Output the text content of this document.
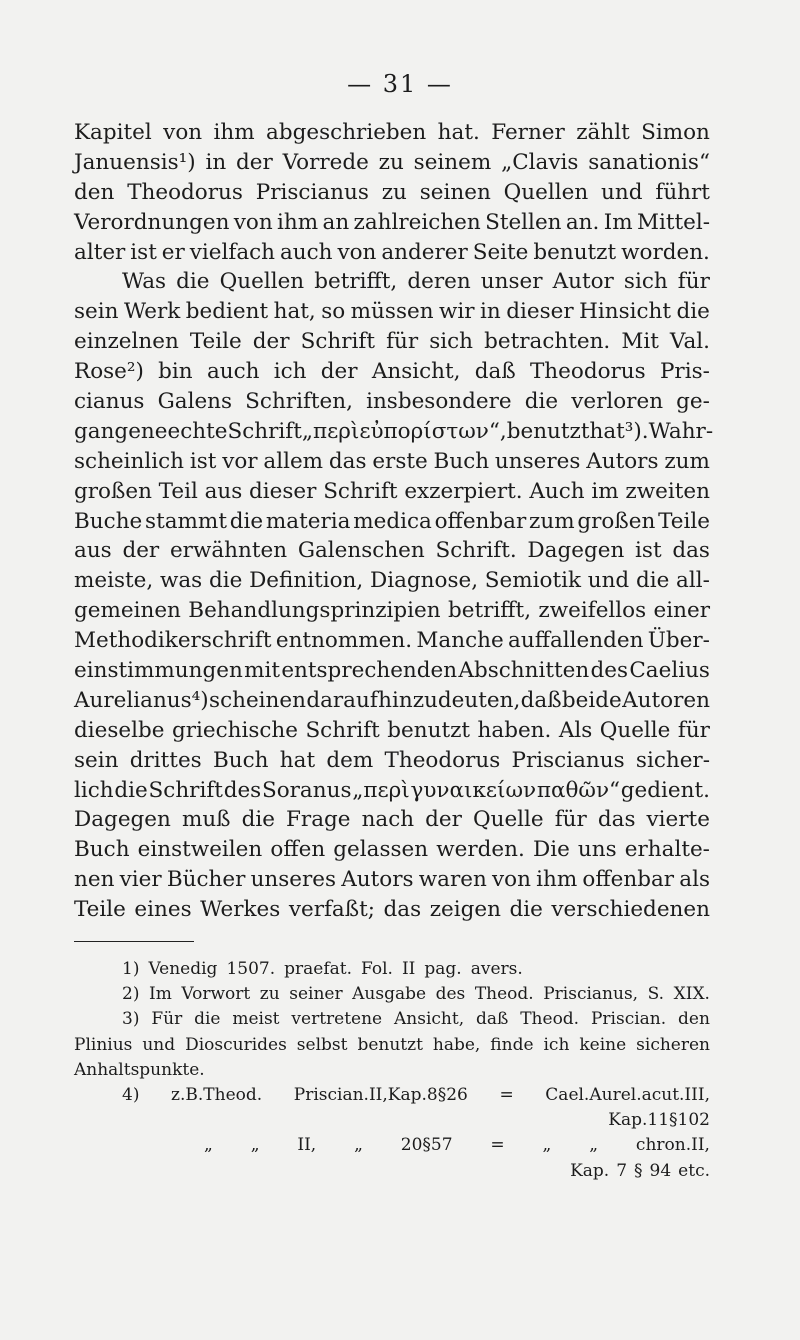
— 31 —
Kapitel von ihm abgeschrieben hat. Ferner zählt Simon
Januensis¹) in der Vorrede zu seinem „Clavis sanationis“
den Theodorus Priscianus zu seinen Quellen und führt
Verordnungen von ihm an zahlreichen Stellen an. Im Mittel-
alter ist er vielfach auch von anderer Seite benutzt worden.
Was die Quellen betrifft, deren unser Autor sich für
sein Werk bedient hat, so müssen wir in dieser Hinsicht die
einzelnen Teile der Schrift für sich betrachten. Mit Val.
Rose²) bin auch ich der Ansicht, daß Theodorus Pris-
cianus Galens Schriften, insbesondere die verloren ge-
gangene echte Schrift „περὶ εὐπορίστων“, benutzt hat³). Wahr-
scheinlich ist vor allem das erste Buch unseres Autors zum
großen Teil aus dieser Schrift exzerpiert. Auch im zweiten
Buche stammt die materia medica offenbar zum großen Teile
aus der erwähnten Galenschen Schrift. Dagegen ist das
meiste, was die Definition, Diagnose, Semiotik und die all-
gemeinen Behandlungsprinzipien betrifft, zweifellos einer
Methodikerschrift entnommen. Manche auffallenden Über-
einstimmungen mit entsprechenden Abschnitten des Caelius
Aurelianus⁴) scheinen darauf hinzudeuten, daß beide Autoren
dieselbe griechische Schrift benutzt haben. Als Quelle für
sein drittes Buch hat dem Theodorus Priscianus sicher-
lich die Schrift des Soranus „περὶ γυναικείων παθῶν“ gedient.
Dagegen muß die Frage nach der Quelle für das vierte
Buch einstweilen offen gelassen werden. Die uns erhalte-
nen vier Bücher unseres Autors waren von ihm offenbar als
Teile eines Werkes verfaßt; das zeigen die verschiedenen
1) Venedig 1507. praefat. Fol. II pag. avers.
2) Im Vorwort zu seiner Ausgabe des Theod. Priscianus, S. XIX.
3) Für die meist vertretene Ansicht, daß Theod. Priscian. den
Plinius und Dioscurides selbst benutzt habe, finde ich keine sicheren
Anhaltspunkte.
4) z.B.Theod. Priscian.II,Kap.8§26 = Cael.Aurel.acut.III,
Kap.11§102
„ „ II, „ 20§57 = „ „ chron.II,
Kap. 7 § 94 etc.
